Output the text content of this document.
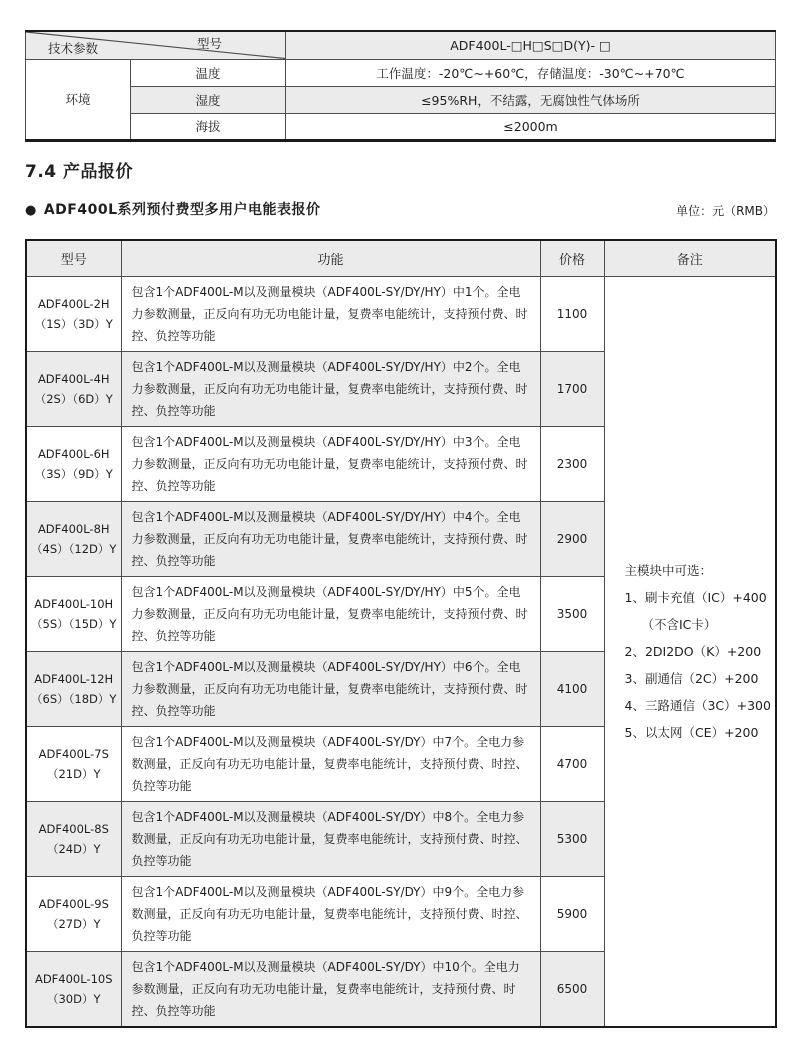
型号
技术参数		ADF400L-□H□S□D(Y)- □
环境	温度	工作温度：-20℃~+60℃，存储温度：-30℃~+70℃
	湿度	≤95%RH，不结露，无腐蚀性气体场所
	海拔	≤2000m
7.4 产品报价
● ADF400L系列预付费型多用户电能表报价	单位：元（RMB）
型号	功能	价格	备注

ADF400L-2H
（1S）（3D）Y
	包含1个ADF400L-M以及测量模块（ADF400L-SY/DY/HY）中1个。全电力参数测量，正反向有功无功电能计量，复费率电能统计，支持预付费、时控、负控等功能	1100	
主模块中可选：
1、刷卡充值（IC）+400
（不含IC卡）
2、2DI2DO（K）+200
3、副通信（2C）+200
4、三路通信（3C）+300
5、以太网（CE）+200

ADF400L-4H
（2S）（6D）Y	包含1个ADF400L-M以及测量模块（ADF400L-SY/DY/HY）中2个。全电力参数测量，正反向有功无功电能计量，复费率电能统计，支持预付费、时控、负控等功能	1700	

ADF400L-6H
（3S）（9D）Y	包含1个ADF400L-M以及测量模块（ADF400L-SY/DY/HY）中3个。全电力参数测量，正反向有功无功电能计量，复费率电能统计，支持预付费、时控、负控等功能	2300	

ADF400L-8H
（4S）（12D）Y	包含1个ADF400L-M以及测量模块（ADF400L-SY/DY/HY）中4个。全电力参数测量，正反向有功无功电能计量，复费率电能统计，支持预付费、时控、负控等功能	2900	

ADF400L-10H
（5S）（15D）Y	包含1个ADF400L-M以及测量模块（ADF400L-SY/DY/HY）中5个。全电力参数测量，正反向有功无功电能计量，复费率电能统计，支持预付费、时控、负控等功能	3500	

ADF400L-12H
（6S）（18D）Y	包含1个ADF400L-M以及测量模块（ADF400L-SY/DY/HY）中6个。全电力参数测量，正反向有功无功电能计量，复费率电能统计，支持预付费、时控、负控等功能	4100	

ADF400L-7S
（21D）Y	包含1个ADF400L-M以及测量模块（ADF400L-SY/DY）中7个。全电力参数测量，正反向有功无功电能计量，复费率电能统计，支持预付费、时控、负控等功能	4700	

ADF400L-8S
（24D）Y	包含1个ADF400L-M以及测量模块（ADF400L-SY/DY）中8个。全电力参数测量，正反向有功无功电能计量，复费率电能统计，支持预付费、时控、负控等功能	5300	

ADF400L-9S
（27D）Y	包含1个ADF400L-M以及测量模块（ADF400L-SY/DY）中9个。全电力参数测量，正反向有功无功电能计量，复费率电能统计，支持预付费、时控、负控等功能	5900	

ADF400L-10S
（30D）Y	包含1个ADF400L-M以及测量模块（ADF400L-SY/DY）中10个。全电力参数测量，正反向有功无功电能计量，复费率电能统计，支持预付费、时控、负控等功能	6500	
